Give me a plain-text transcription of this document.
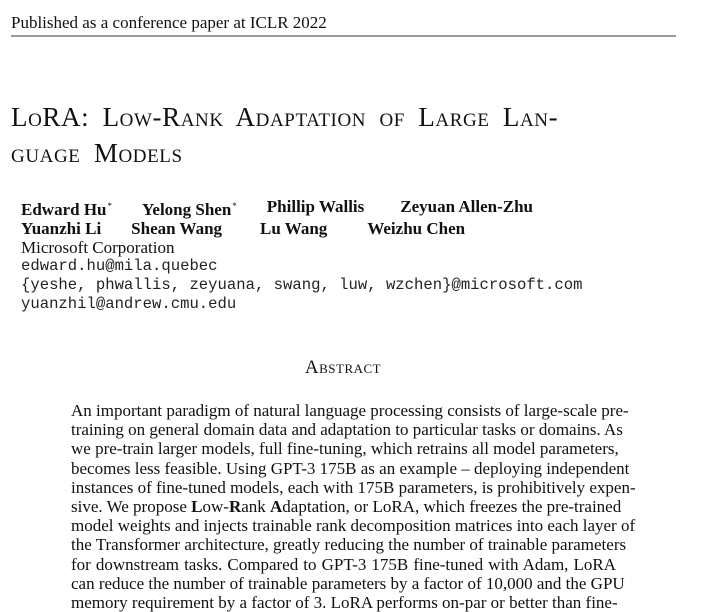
Published as a conference paper at ICLR 2022
LoRA: Low-Rank Adaptation of Large Lan-
guage Models
Edward Hu* Yelong Shen* Phillip Wallis Zeyuan Allen-Zhu
Yuanzhi Li Shean Wang Lu Wang Weizhu Chen
Microsoft Corporation
edward.hu@mila.quebec
{yeshe, phwallis, zeyuana, swang, luw, wzchen}@microsoft.com
yuanzhil@andrew.cmu.edu
Abstract
An important paradigm of natural language processing consists of large-scale pre-
training on general domain data and adaptation to particular tasks or domains. As
we pre-train larger models, full fine-tuning, which retrains all model parameters,
becomes less feasible. Using GPT-3 175B as an example – deploying independent
instances of fine-tuned models, each with 175B parameters, is prohibitively expen-
sive. We propose Low-Rank Adaptation, or LoRA, which freezes the pre-trained
model weights and injects trainable rank decomposition matrices into each layer of
the Transformer architecture, greatly reducing the number of trainable parameters
for downstream tasks. Compared to GPT-3 175B fine-tuned with Adam, LoRA
can reduce the number of trainable parameters by a factor of 10,000 and the GPU
memory requirement by a factor of 3. LoRA performs on-par or better than fine-
